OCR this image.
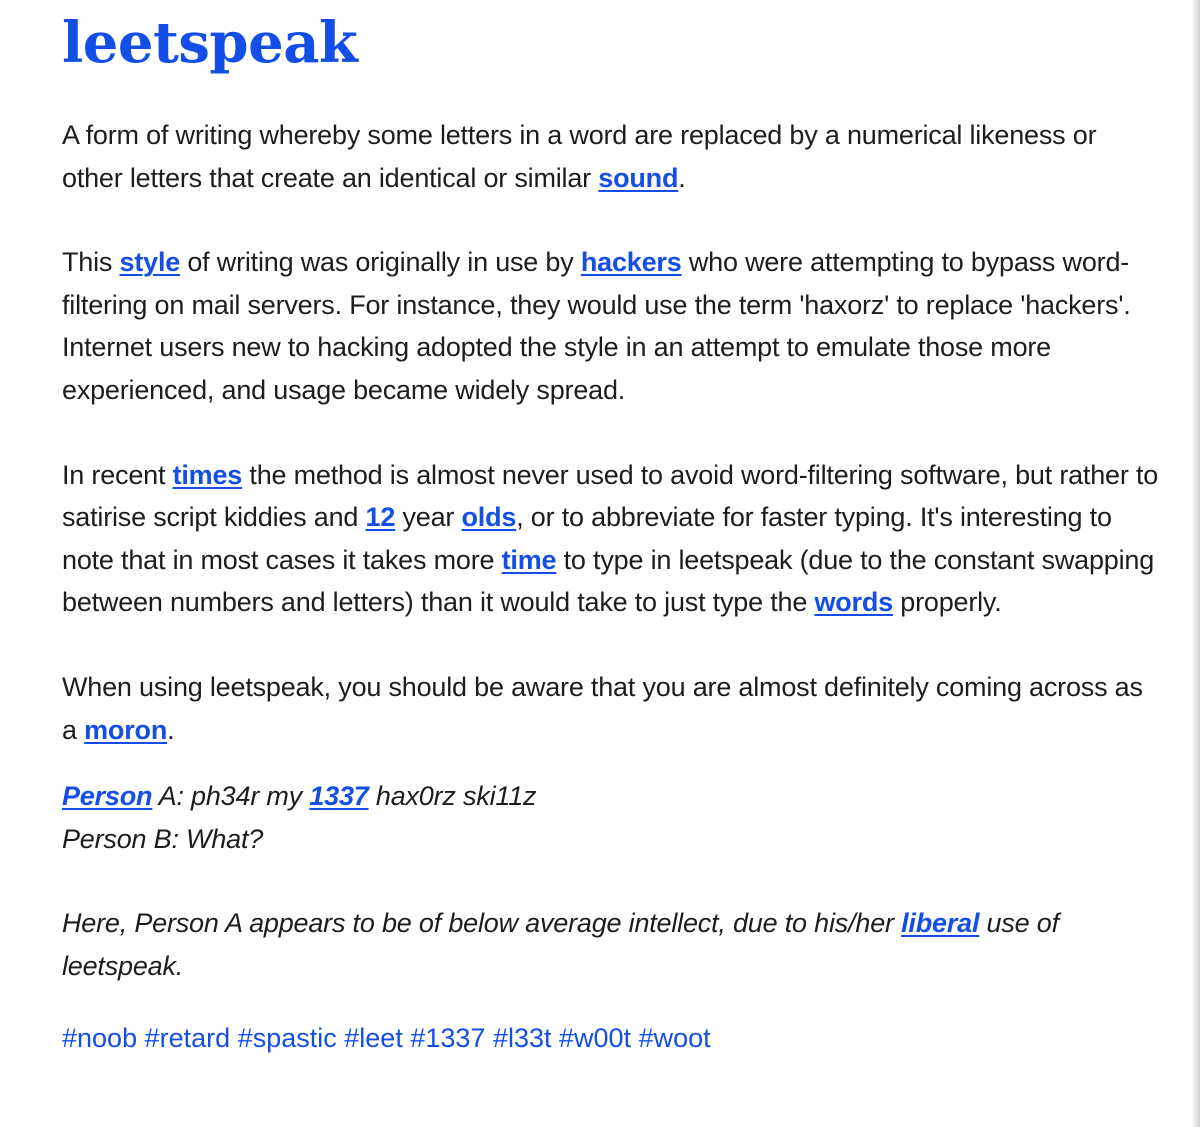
leetspeak

A form of writing whereby some letters in a word are replaced by a numerical likeness or other letters that create an identical or similar sound.

This style of writing was originally in use by hackers who were attempting to bypass word-filtering on mail servers. For instance, they would use the term 'haxorz' to replace 'hackers'. Internet users new to hacking adopted the style in an attempt to emulate those more experienced, and usage became widely spread.

In recent times the method is almost never used to avoid word-filtering software, but rather to satirise script kiddies and 12 year olds, or to abbreviate for faster typing. It's interesting to note that in most cases it takes more time to type in leetspeak (due to the constant swapping between numbers and letters) than it would take to just type the words properly.

When using leetspeak, you should be aware that you are almost definitely coming across as a moron.

Person A: ph34r my 1337 hax0rz ski11z
Person B: What?
Here, Person A appears to be of below average intellect, due to his/her liberal use of leetspeak.
#noob #retard #spastic #leet #1337 #l33t #w00t #woot
